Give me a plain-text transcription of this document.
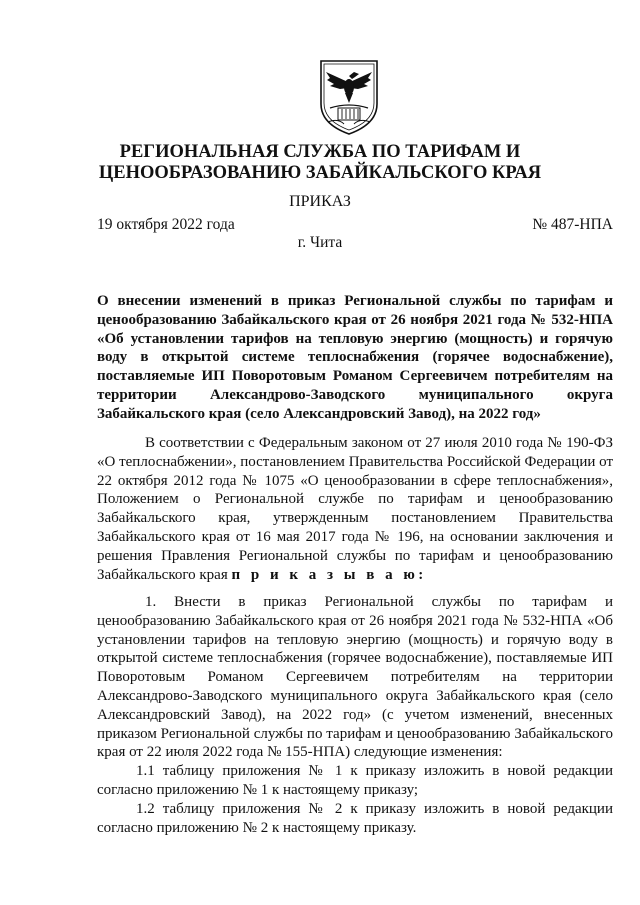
РЕГИОНАЛЬНАЯ СЛУЖБА ПО ТАРИФАМ И
ЦЕНООБРАЗОВАНИЮ ЗАБАЙКАЛЬСКОГО КРАЯ
ПРИКАЗ
19 октября 2022 года	№ 487-НПА
г. Чита

О внесении изменений в приказ Региональной службы по тарифам и ценообразованию Забайкальского края от 26 ноября 2021 года № 532-НПА «Об установлении тарифов на тепловую энергию (мощность) и горячую воду в открытой системе теплоснабжения (горячее водоснабжение), поставляемые ИП Поворотовым Романом Сергеевичем потребителям на территории Александрово-Заводского муниципального округа Забайкальского края (село Александровский Завод), на 2022 год»

В соответствии с Федеральным законом от 27 июля 2010 года № 190-ФЗ «О теплоснабжении», постановлением Правительства Российской Федерации от 22 октября 2012 года № 1075 «О ценообразовании в сфере теплоснабжения», Положением о Региональной службе по тарифам и ценообразованию Забайкальского края, утвержденным постановлением Правительства Забайкальского края от 16 мая 2017 года № 196, на основании заключения и решения Правления Региональной службы по тарифам и ценообразованию Забайкальского края п р и к а з ы в а ю:

1. Внести в приказ Региональной службы по тарифам и ценообразованию Забайкальского края от 26 ноября 2021 года № 532-НПА «Об установлении тарифов на тепловую энергию (мощность) и горячую воду в открытой системе теплоснабжения (горячее водоснабжение), поставляемые ИП Поворотовым Романом Сергеевичем потребителям на территории Александрово-Заводского муниципального округа Забайкальского края (село Александровский Завод), на 2022 год» (с учетом изменений, внесенных приказом Региональной службы по тарифам и ценообразованию Забайкальского края от 22 июля 2022 года № 155-НПА) следующие изменения:

1.1 таблицу приложения № 1 к приказу изложить в новой редакции согласно приложению № 1 к настоящему приказу;

1.2 таблицу приложения № 2 к приказу изложить в новой редакции согласно приложению № 2 к настоящему приказу.
